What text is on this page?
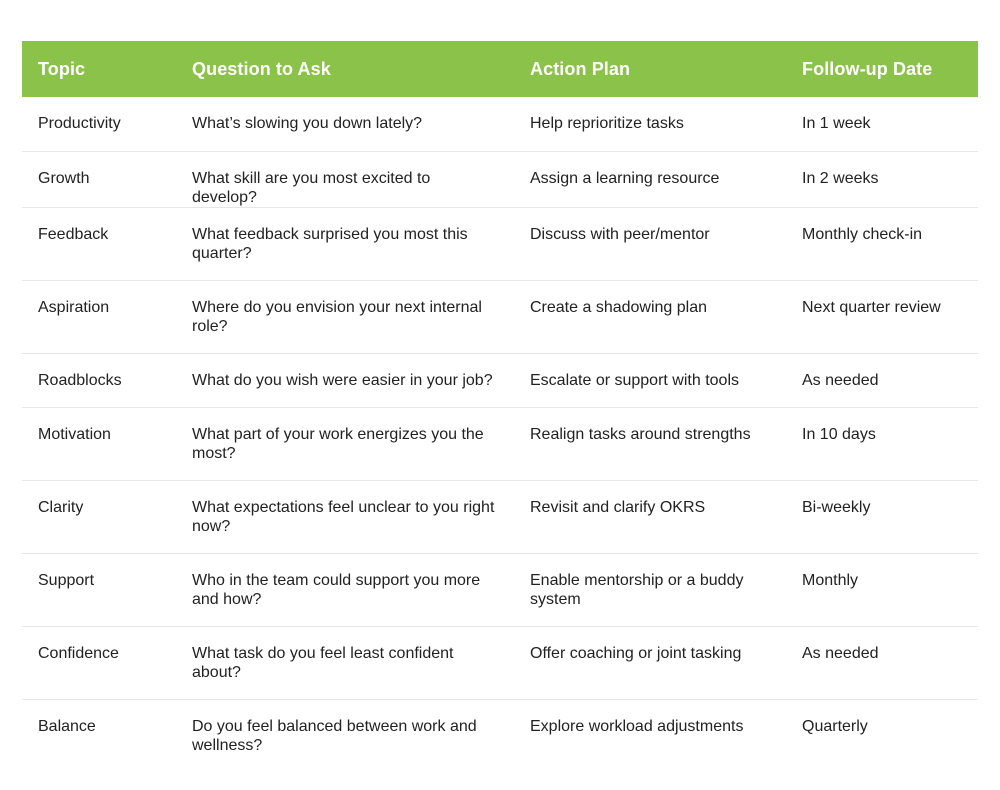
Topic	Question to Ask	Action Plan	Follow-up Date
Productivity	What’s slowing you down lately?	Help reprioritize tasks	In 1 week
Growth	What skill are you most excited to develop?	Assign a learning resource	In 2 weeks
Feedback	What feedback surprised you most this quarter?	Discuss with peer/mentor	Monthly check-in
Aspiration	Where do you envision your next internal role?	Create a shadowing plan	Next quarter review
Roadblocks	What do you wish were easier in your job?	Escalate or support with tools	As needed
Motivation	What part of your work energizes you the most?	Realign tasks around strengths	In 10 days
Clarity	What expectations feel unclear to you right now?	Revisit and clarify OKRS	Bi-weekly
Support	Who in the team could support you more and how?	Enable mentorship or a buddy system	Monthly
Confidence	What task do you feel least confident about?	Offer coaching or joint tasking	As needed
Balance	Do you feel balanced between work and wellness?	Explore workload adjustments	Quarterly
